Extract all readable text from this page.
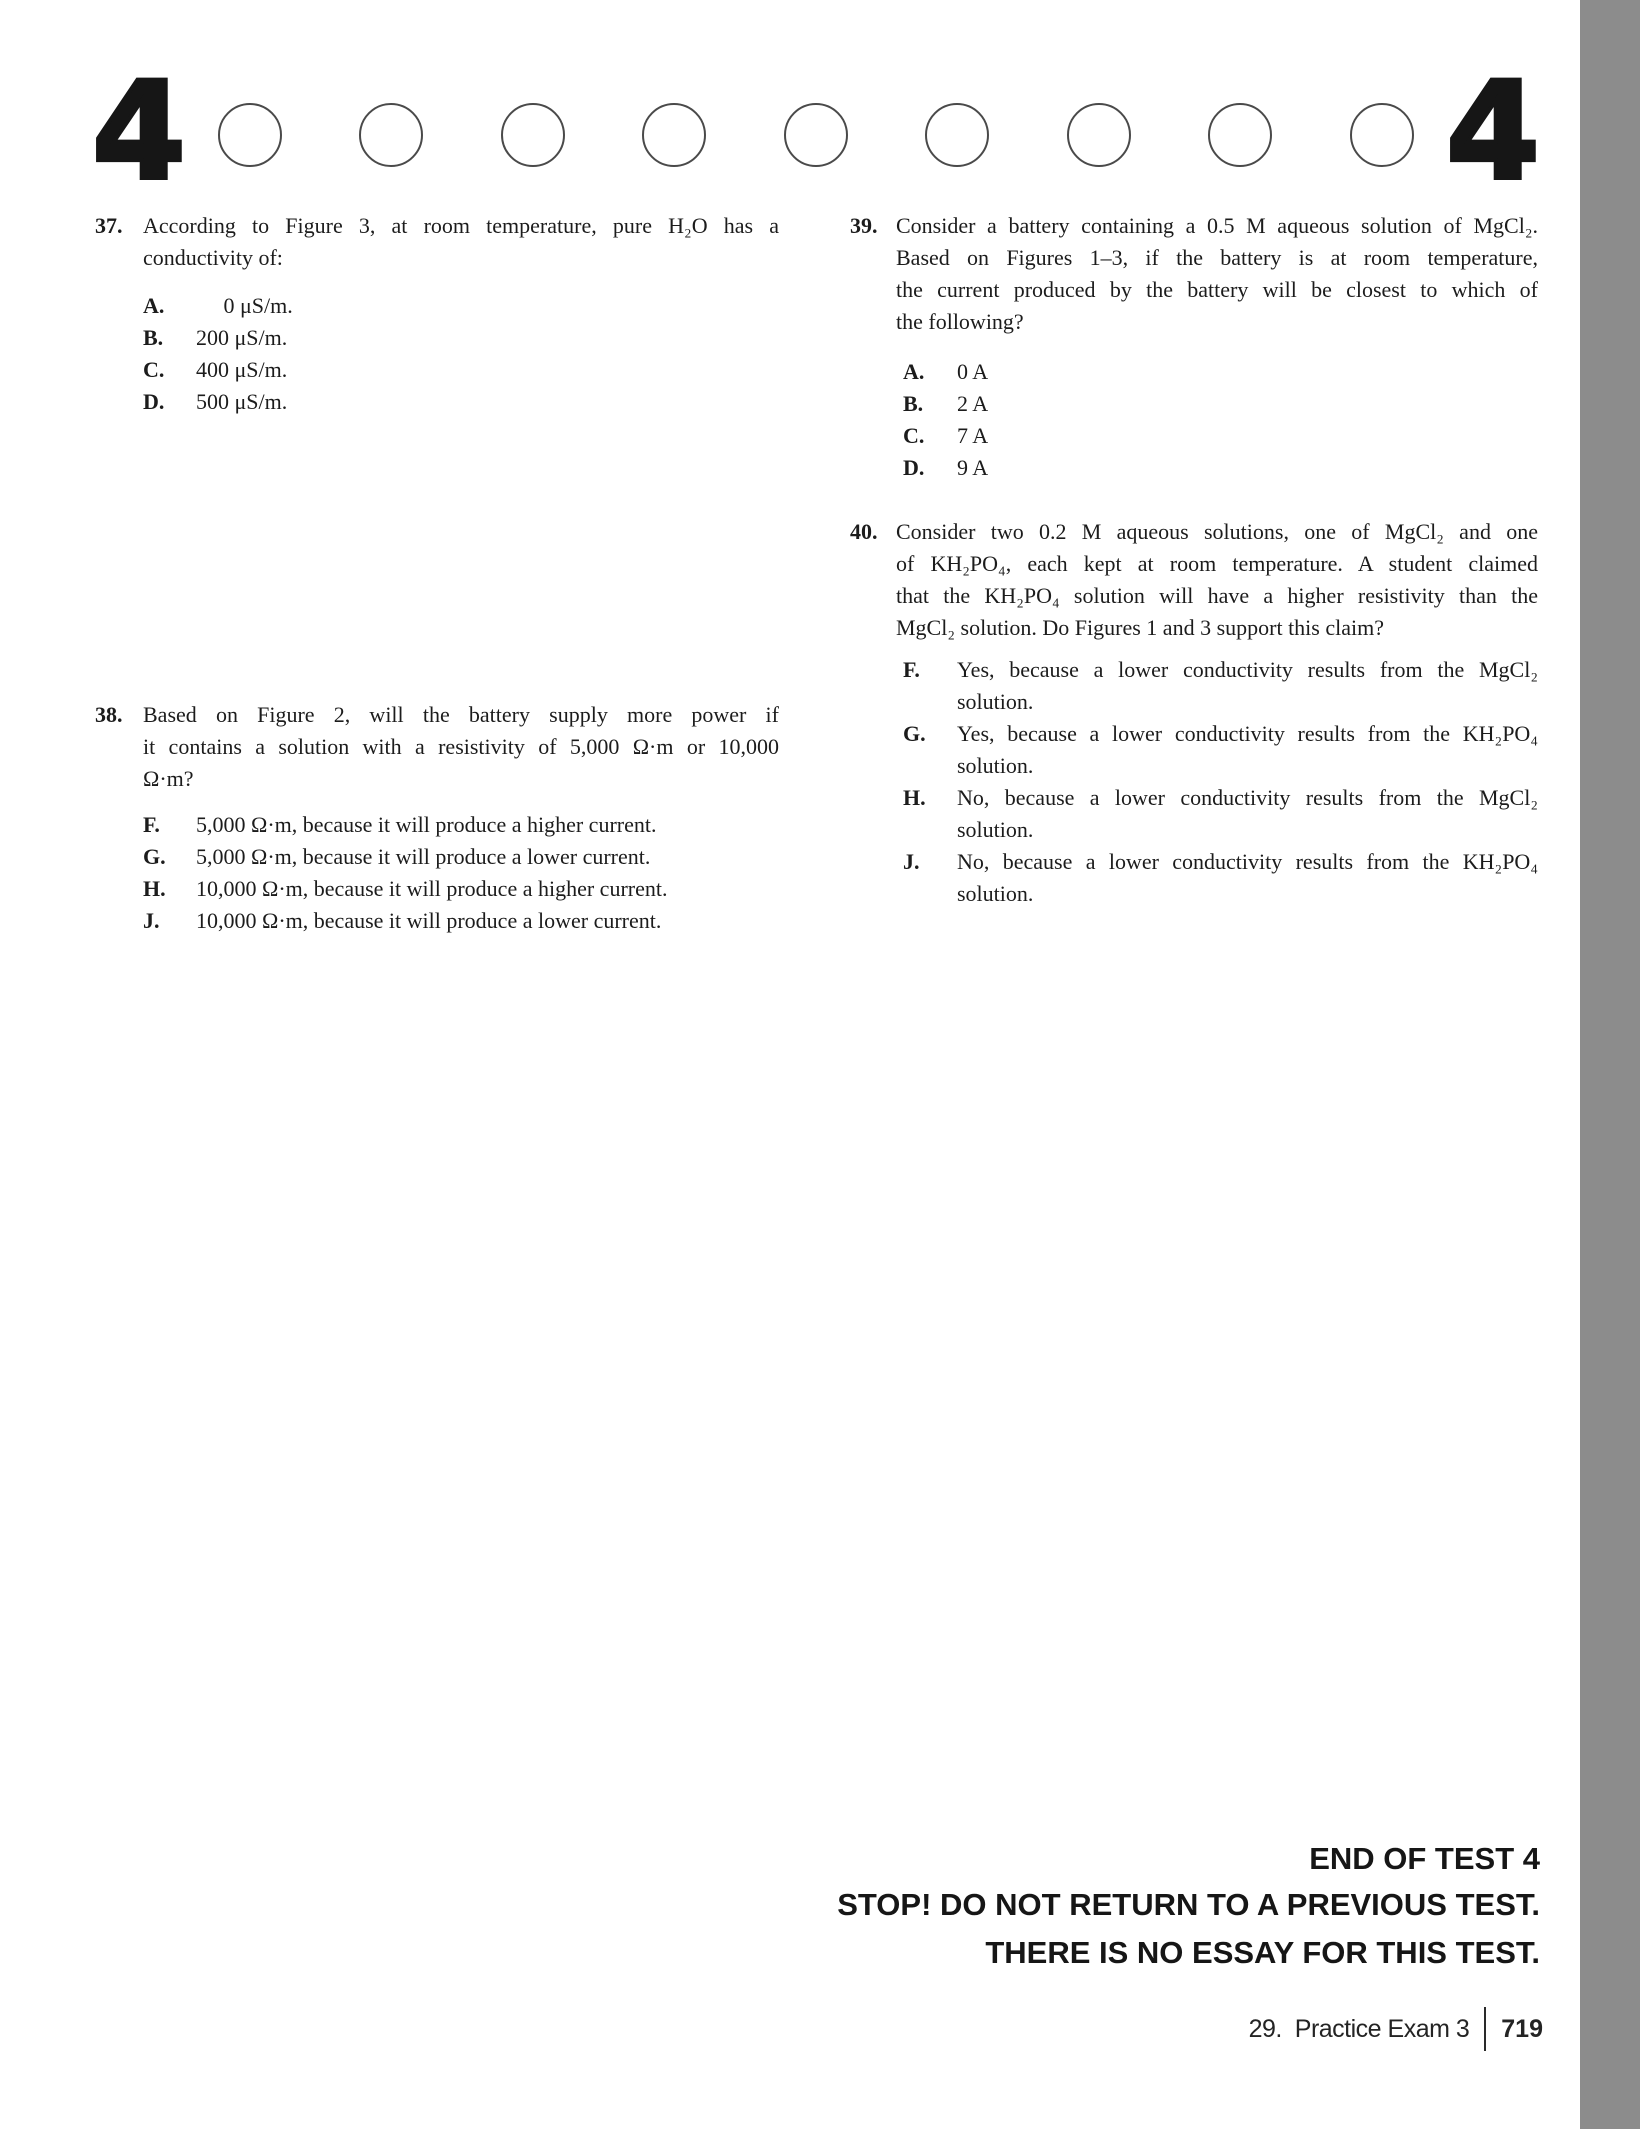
4	4
37. According to Figure 3, at room temperature, pure H₂O has a
conductivity of:
A.	0 μS/m.
B.	200 μS/m.
C.	400 μS/m.
D.	500 μS/m.
38. Based on Figure 2, will the battery supply more power if
it contains a solution with a resistivity of 5,000 Ω·m or 10,000
Ω·m?
F.	5,000 Ω·m, because it will produce a higher current.
G.	5,000 Ω·m, because it will produce a lower current.
H.	10,000 Ω·m, because it will produce a higher current.
J.	10,000 Ω·m, because it will produce a lower current.
39. Consider a battery containing a 0.5 M aqueous solution of MgCl₂.
Based on Figures 1–3, if the battery is at room temperature,
the current produced by the battery will be closest to which of
the following?
A.	0 A
B.	2 A
C.	7 A
D.	9 A
40. Consider two 0.2 M aqueous solutions, one of MgCl₂ and one
of KH₂PO₄, each kept at room temperature. A student claimed
that the KH₂PO₄ solution will have a higher resistivity than the
MgCl₂ solution. Do Figures 1 and 3 support this claim?
F.	Yes, because a lower conductivity results from the MgCl₂
solution.
G.	Yes, because a lower conductivity results from the KH₂PO₄
solution.
H.	No, because a lower conductivity results from the MgCl₂
solution.
J.	No, because a lower conductivity results from the KH₂PO₄
solution.
END OF TEST 4
STOP! DO NOT RETURN TO A PREVIOUS TEST.
THERE IS NO ESSAY FOR THIS TEST.
29.  Practice Exam 3 719
